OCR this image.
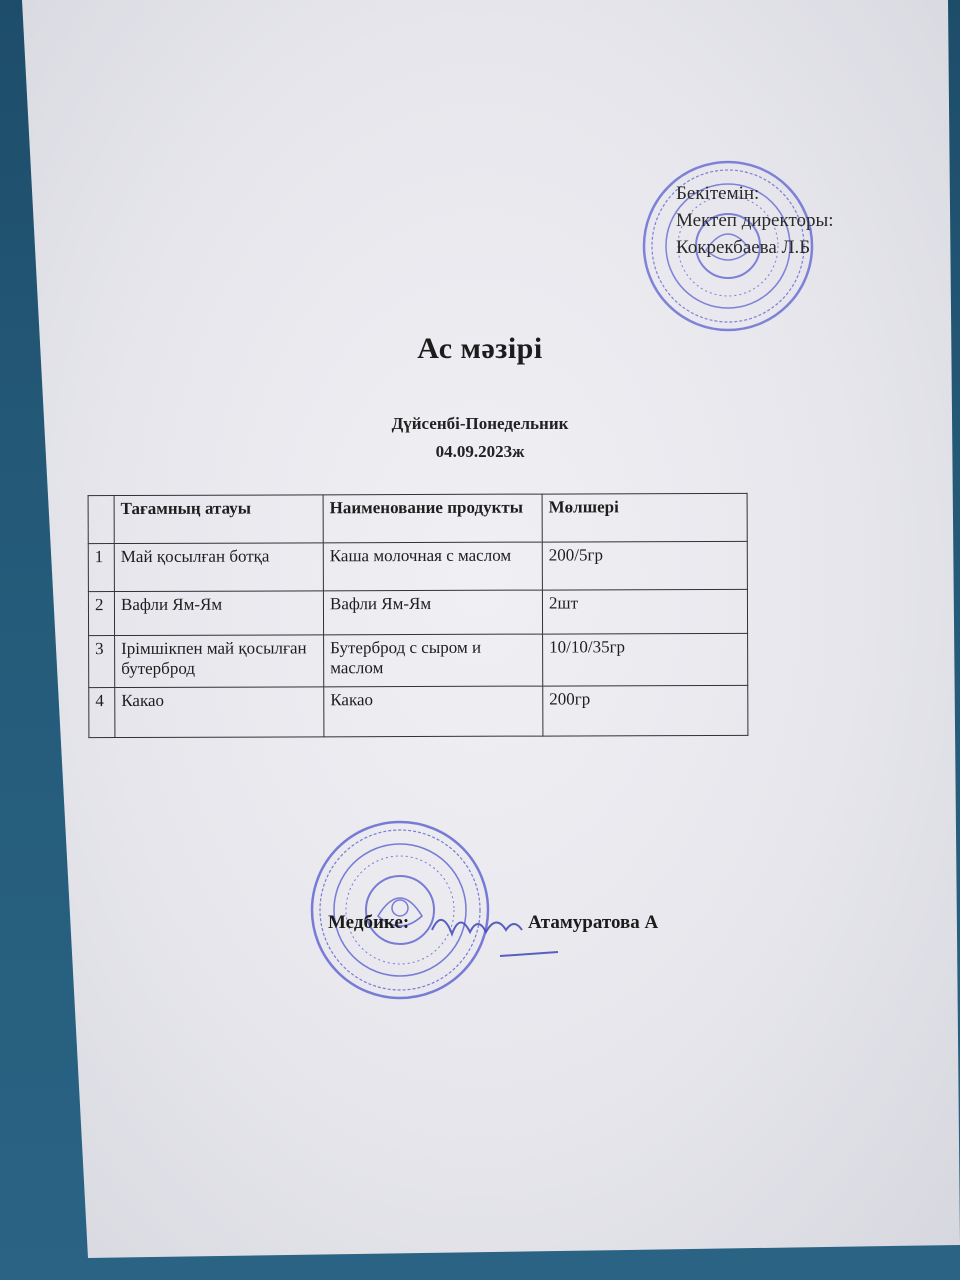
Бекітемін:
Мектеп директоры:
Кокрекбаева Л.Б
Ас мәзірі
Дүйсенбі-Понедельник
04.09.2023ж
	Тағамның атауы	Наименование продукты	Мөлшері
1	Май қосылған ботқа	Каша молочная с маслом	200/5гр
2	Вафли Ям-Ям	Вафли Ям-Ям	2шт
3	Ірімшікпен май қосылған бутерброд	Бутерброд с сыром и маслом	10/10/35гр
4	Какао	Какао	200гр
Медбике:	Атамуратова А
